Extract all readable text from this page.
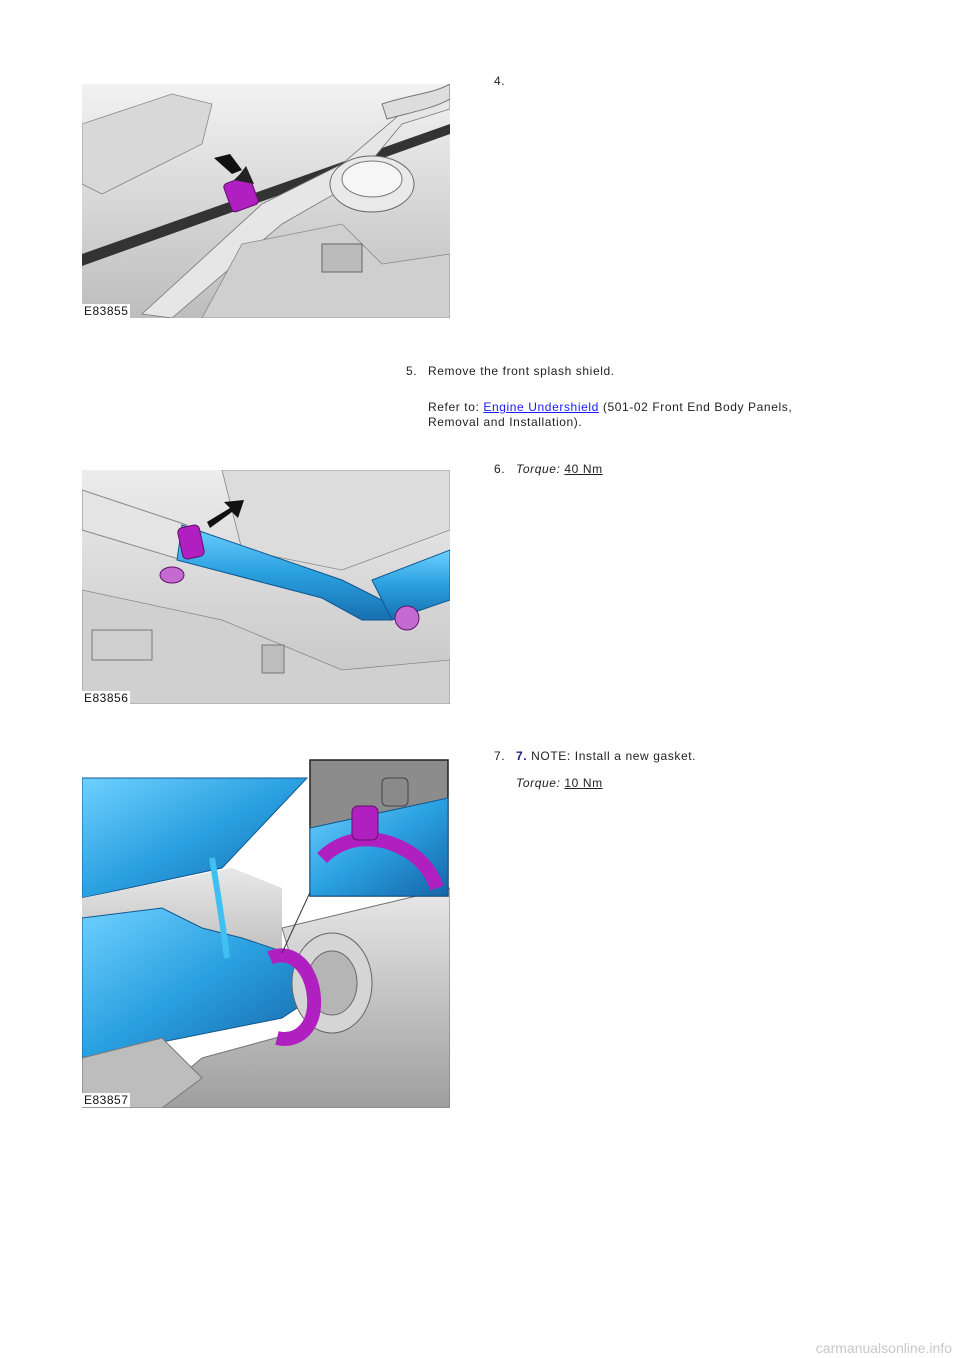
E83855
4.
5. Remove the front splash shield.
Refer to: Engine Undershield (501-02 Front End Body Panels,
Removal and Installation).
E83856
6. Torque: 40 Nm
E83857
7. 7. NOTE: Install a new gasket.
Torque: 10 Nm
carmanualsonline.info
